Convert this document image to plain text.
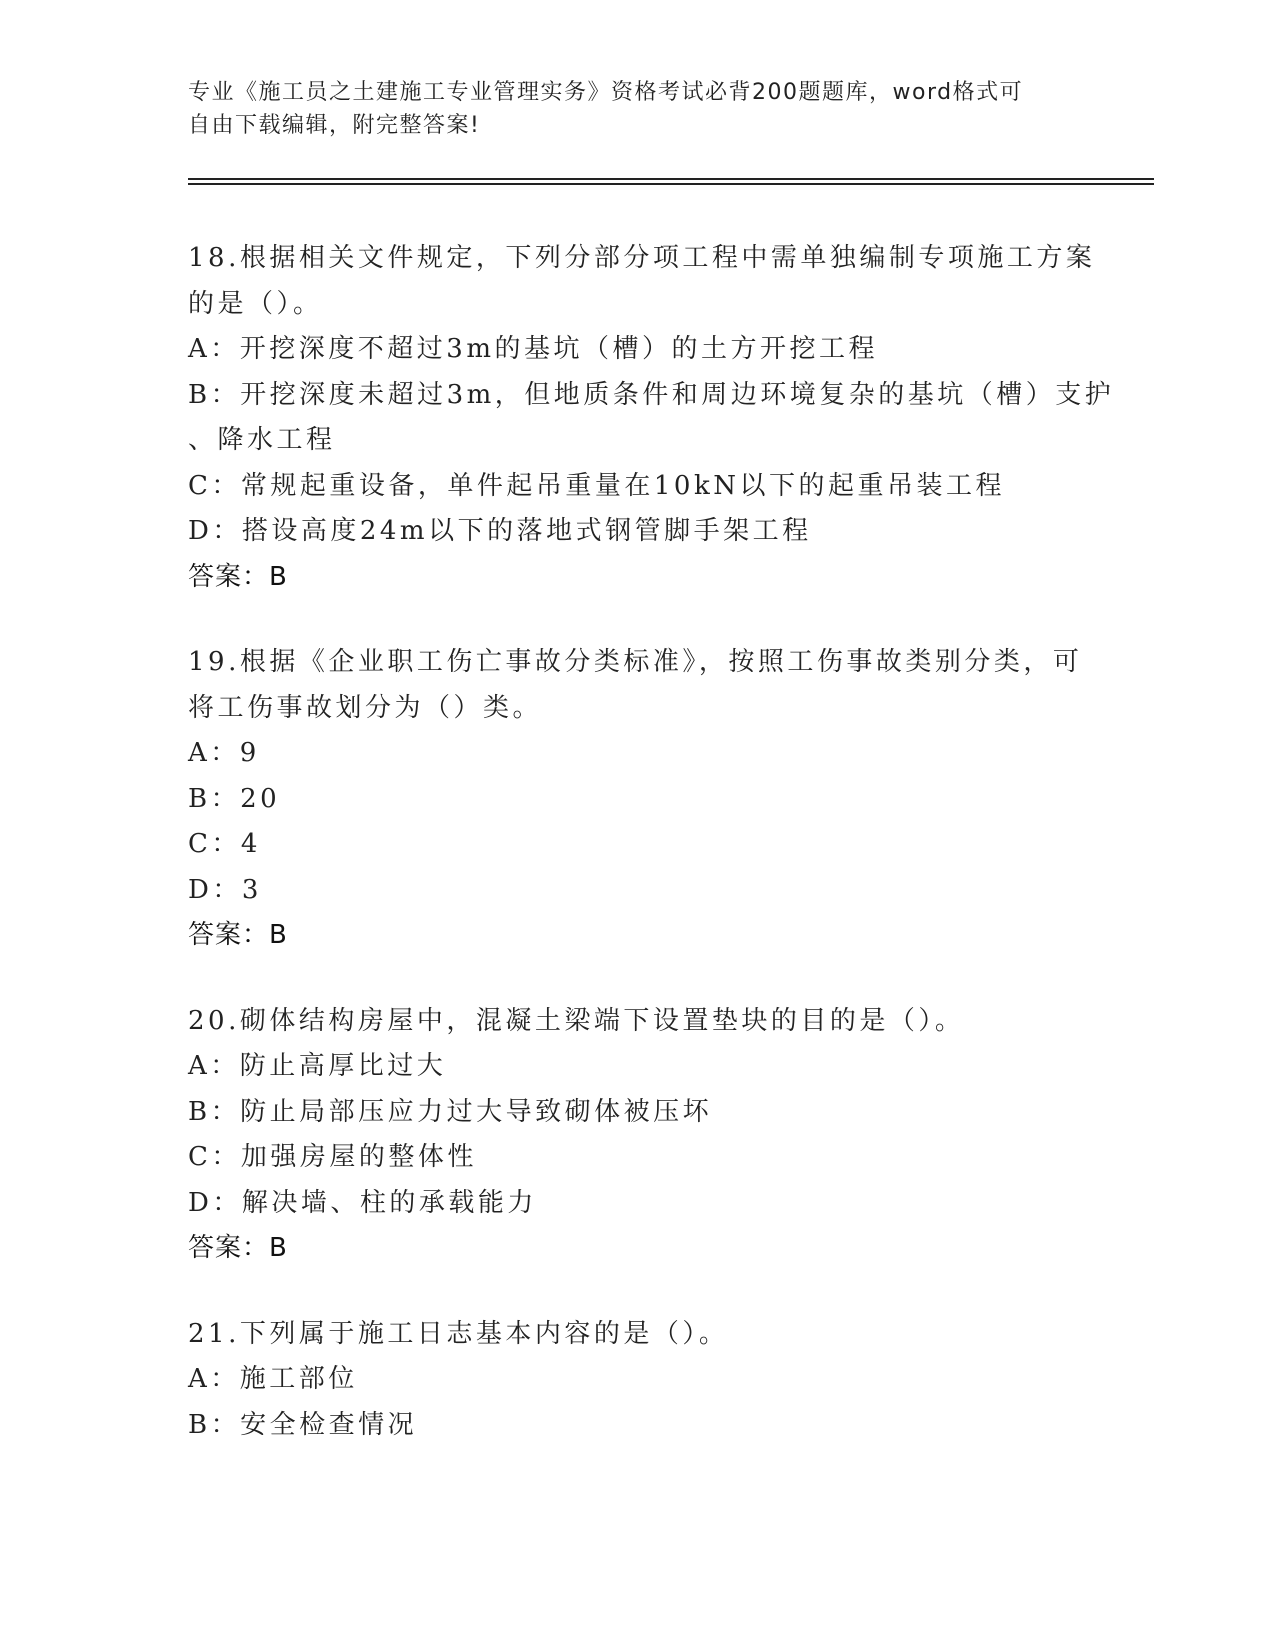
专业《施工员之土建施工专业管理实务》资格考试必背200题题库，word格式可
自由下载编辑，附完整答案!
18.根据相关文件规定，下列分部分项工程中需单独编制专项施工方案
的是（）。
A：开挖深度不超过3m的基坑（槽）的土方开挖工程
B：开挖深度未超过3m，但地质条件和周边环境复杂的基坑（槽）支护
、降水工程
C：常规起重设备，单件起吊重量在10kN以下的起重吊装工程
D：搭设高度24m以下的落地式钢管脚手架工程
答案：B
19.根据《企业职工伤亡事故分类标准》，按照工伤事故类别分类，可
将工伤事故划分为（）类。
A：9
B：20
C：4
D：3
答案：B
20.砌体结构房屋中，混凝土梁端下设置垫块的目的是（）。
A：防止高厚比过大
B：防止局部压应力过大导致砌体被压坏
C：加强房屋的整体性
D：解决墙、柱的承载能力
答案：B
21.下列属于施工日志基本内容的是（）。
A：施工部位
B：安全检查情况
